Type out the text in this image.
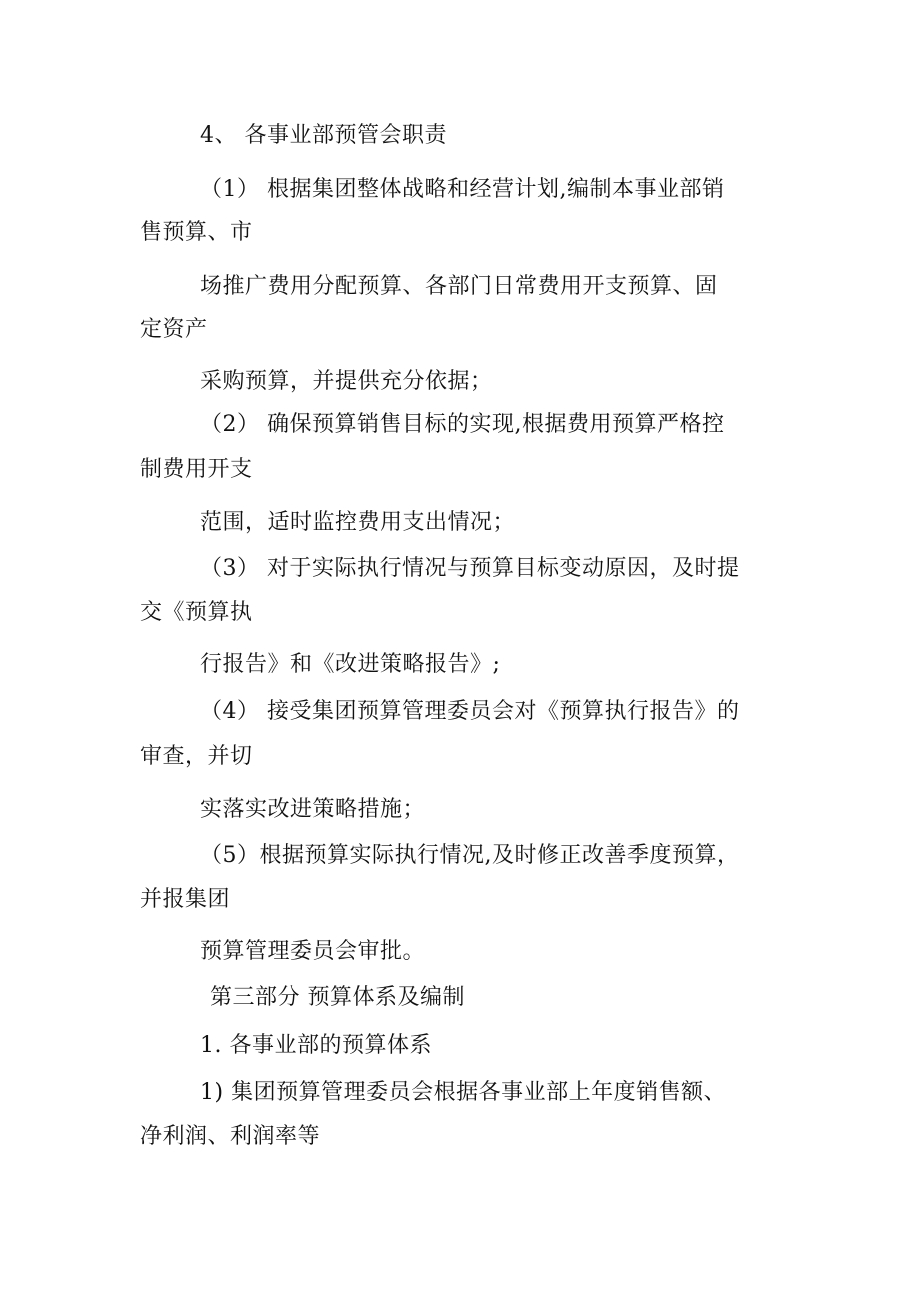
4、 各事业部预管会职责
（1） 根据集团整体战略和经营计划,编制本事业部销
售预算、市
场推广费用分配预算、各部门日常费用开支预算、固
定资产
采购预算，并提供充分依据；
（2） 确保预算销售目标的实现,根据费用预算严格控
制费用开支
范围，适时监控费用支出情况；
（3） 对于实际执行情况与预算目标变动原因，及时提
交《预算执
行报告》和《改进策略报告》;
（4） 接受集团预算管理委员会对《预算执行报告》的
审查，并切
实落实改进策略措施；
（5）根据预算实际执行情况,及时修正改善季度预算，
并报集团
预算管理委员会审批。
第三部分 预算体系及编制
1. 各事业部的预算体系
1) 集团预算管理委员会根据各事业部上年度销售额、
净利润、利润率等
